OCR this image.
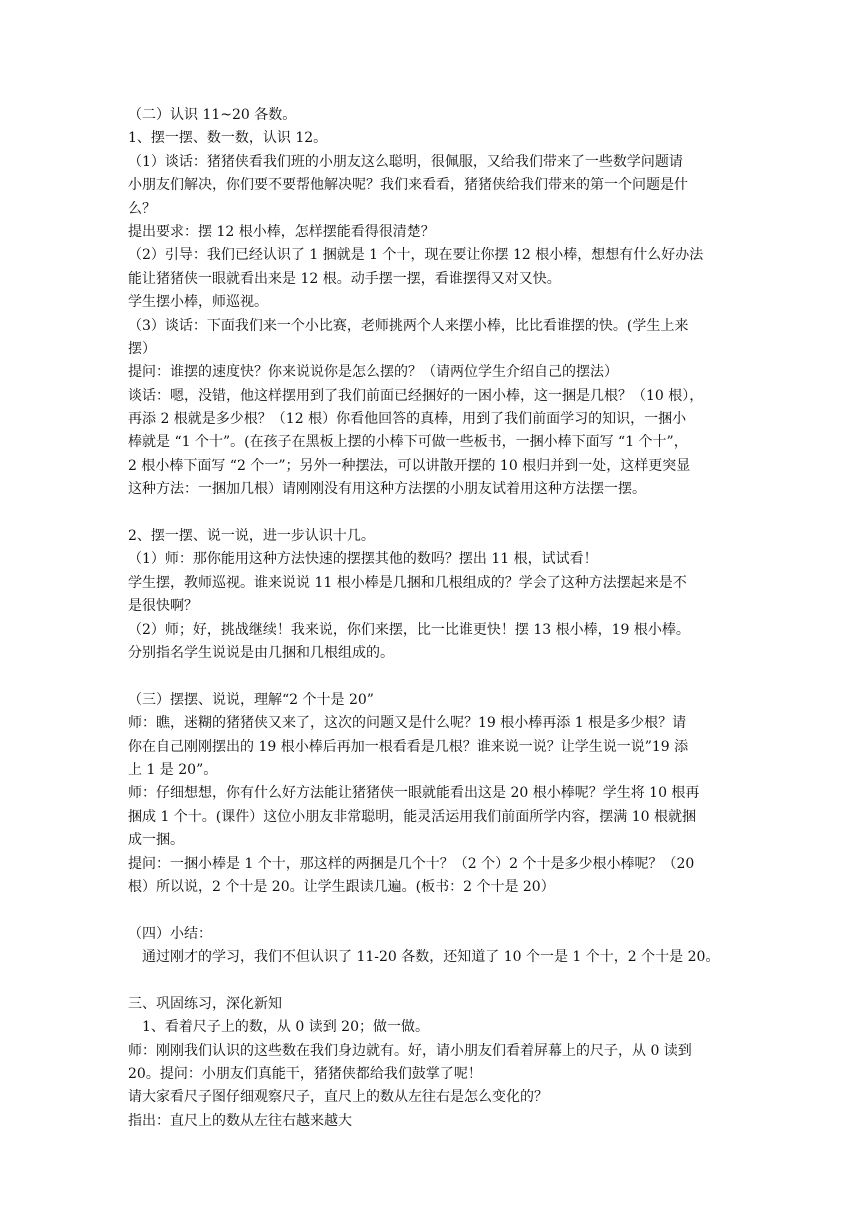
（二）认识 11~20 各数。
1、摆一摆、数一数，认识 12。
（1）谈话：猪猪侠看我们班的小朋友这么聪明，很佩服，又给我们带来了一些数学问题请
小朋友们解决，你们要不要帮他解决呢？我们来看看，猪猪侠给我们带来的第一个问题是什
么？
提出要求：摆 12 根小棒，怎样摆能看得很清楚？
（2）引导：我们已经认识了 1 捆就是 1 个十，现在要让你摆 12 根小棒，想想有什么好办法
能让猪猪侠一眼就看出来是 12 根。动手摆一摆，看谁摆得又对又快。
学生摆小棒，师巡视。
（3）谈话：下面我们来一个小比赛，老师挑两个人来摆小棒，比比看谁摆的快。(学生上来
摆）
提问：谁摆的速度快？你来说说你是怎么摆的？（请两位学生介绍自己的摆法）
谈话：嗯，没错，他这样摆用到了我们前面已经捆好的一困小棒，这一捆是几根？（10 根），
再添 2 根就是多少根？（12 根）你看他回答的真棒，用到了我们前面学习的知识，一捆小
棒就是 “1 个十”。(在孩子在黑板上摆的小棒下可做一些板书，一捆小棒下面写 “1 个十”，
2 根小棒下面写 “2 个一”；另外一种摆法，可以讲散开摆的 10 根归并到一处，这样更突显
这种方法：一捆加几根）请刚刚没有用这种方法摆的小朋友试着用这种方法摆一摆。
2、摆一摆、说一说，进一步认识十几。
（1）师：那你能用这种方法快速的摆摆其他的数吗？摆出 11 根，试试看！
学生摆，教师巡视。谁来说说 11 根小棒是几捆和几根组成的？学会了这种方法摆起来是不
是很快啊？
（2）师；好，挑战继续！我来说，你们来摆，比一比谁更快！摆 13 根小棒，19 根小棒。
分别指名学生说说是由几捆和几根组成的。
（三）摆摆、说说，理解“2 个十是 20”
师：瞧，迷糊的猪猪侠又来了，这次的问题又是什么呢？19 根小棒再添 1 根是多少根？请
你在自己刚刚摆出的 19 根小棒后再加一根看看是几根？谁来说一说？让学生说一说”19 添
上 1 是 20”。
师：仔细想想，你有什么好方法能让猪猪侠一眼就能看出这是 20 根小棒呢？学生将 10 根再
捆成 1 个十。(课件）这位小朋友非常聪明，能灵活运用我们前面所学内容，摆满 10 根就捆
成一捆。
提问：一捆小棒是 1 个十，那这样的两捆是几个十？（2 个）2 个十是多少根小棒呢？（20
根）所以说，2 个十是 20。让学生跟读几遍。(板书：2 个十是 20）
（四）小结：
通过刚才的学习，我们不但认识了 11-20 各数，还知道了 10 个一是 1 个十，2 个十是 20。
三、巩固练习，深化新知
1、看着尺子上的数，从 0 读到 20；做一做。
师：刚刚我们认识的这些数在我们身边就有。好，请小朋友们看着屏幕上的尺子，从 0 读到
20。提问：小朋友们真能干，猪猪侠都给我们鼓掌了呢！
请大家看尺子图仔细观察尺子，直尺上的数从左往右是怎么变化的？
指出：直尺上的数从左往右越来越大
